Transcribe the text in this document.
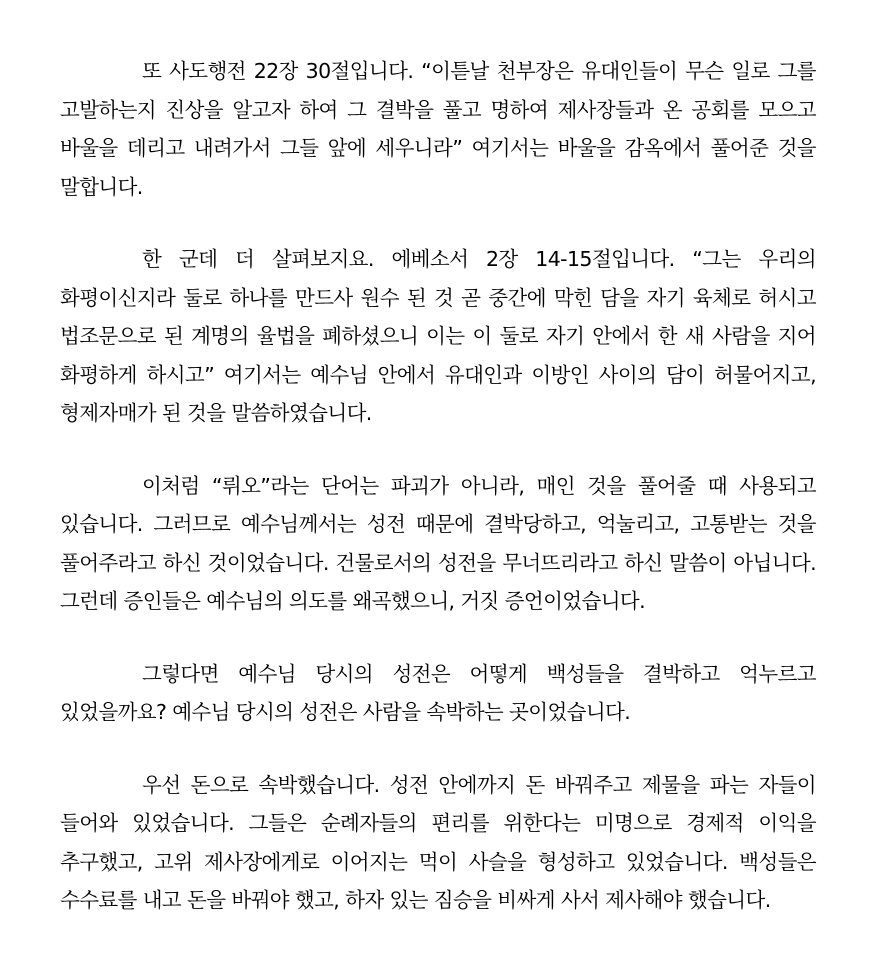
또 사도행전 22장 30절입니다. “이튿날 천부장은 유대인들이 무슨 일로 그를 고발하는지 진상을 알고자 하여 그 결박을 풀고 명하여 제사장들과 온 공회를 모으고 바울을 데리고 내려가서 그들 앞에 세우니라” 여기서는 바울을 감옥에서 풀어준 것을 말합니다.

한 군데 더 살펴보지요. 에베소서 2장 14-15절입니다. “그는 우리의 화평이신지라 둘로 하나를 만드사 원수 된 것 곧 중간에 막힌 담을 자기 육체로 허시고 법조문으로 된 계명의 율법을 폐하셨으니 이는 이 둘로 자기 안에서 한 새 사람을 지어 화평하게 하시고” 여기서는 예수님 안에서 유대인과 이방인 사이의 담이 허물어지고, 형제자매가 된 것을 말씀하였습니다.

이처럼 “뤼오”라는 단어는 파괴가 아니라, 매인 것을 풀어줄 때 사용되고 있습니다. 그러므로 예수님께서는 성전 때문에 결박당하고, 억눌리고, 고통받는 것을 풀어주라고 하신 것이었습니다. 건물로서의 성전을 무너뜨리라고 하신 말씀이 아닙니다. 그런데 증인들은 예수님의 의도를 왜곡했으니, 거짓 증언이었습니다.

그렇다면 예수님 당시의 성전은 어떻게 백성들을 결박하고 억누르고 있었을까요? 예수님 당시의 성전은 사람을 속박하는 곳이었습니다.

우선 돈으로 속박했습니다. 성전 안에까지 돈 바꿔주고 제물을 파는 자들이 들어와 있었습니다. 그들은 순례자들의 편리를 위한다는 미명으로 경제적 이익을 추구했고, 고위 제사장에게로 이어지는 먹이 사슬을 형성하고 있었습니다. 백성들은 수수료를 내고 돈을 바꿔야 했고, 하자 있는 짐승을 비싸게 사서 제사해야 했습니다.
